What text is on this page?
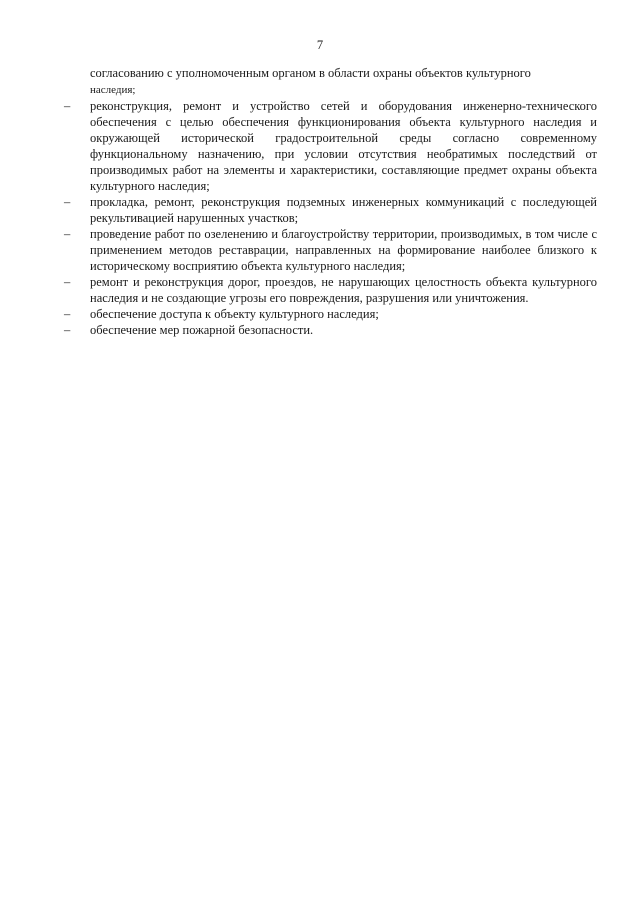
7

согласованию с уполномоченным органом в области охраны объектов культурного
наследия;

–	реконструкция, ремонт и устройство сетей и оборудования инженерно-технического обеспечения с целью обеспечения функционирования объекта культурного наследия и окружающей исторической градостроительной среды согласно современному функциональному назначению, при условии отсутствия необратимых последствий от производимых работ на элементы и характеристики, составляющие предмет охраны объекта культурного наследия;

–	прокладка, ремонт, реконструкция подземных инженерных коммуникаций с последующей рекультивацией нарушенных участков;

–	проведение работ по озеленению и благоустройству территории, производимых, в том числе с применением методов реставрации, направленных на формирование наиболее близкого к историческому восприятию объекта культурного наследия;

–	ремонт и реконструкция дорог, проездов, не нарушающих целостность объекта культурного наследия и не создающие угрозы его повреждения, разрушения или уничтожения.

–	обеспечение доступа к объекту культурного наследия;

–	обеспечение мер пожарной безопасности.
